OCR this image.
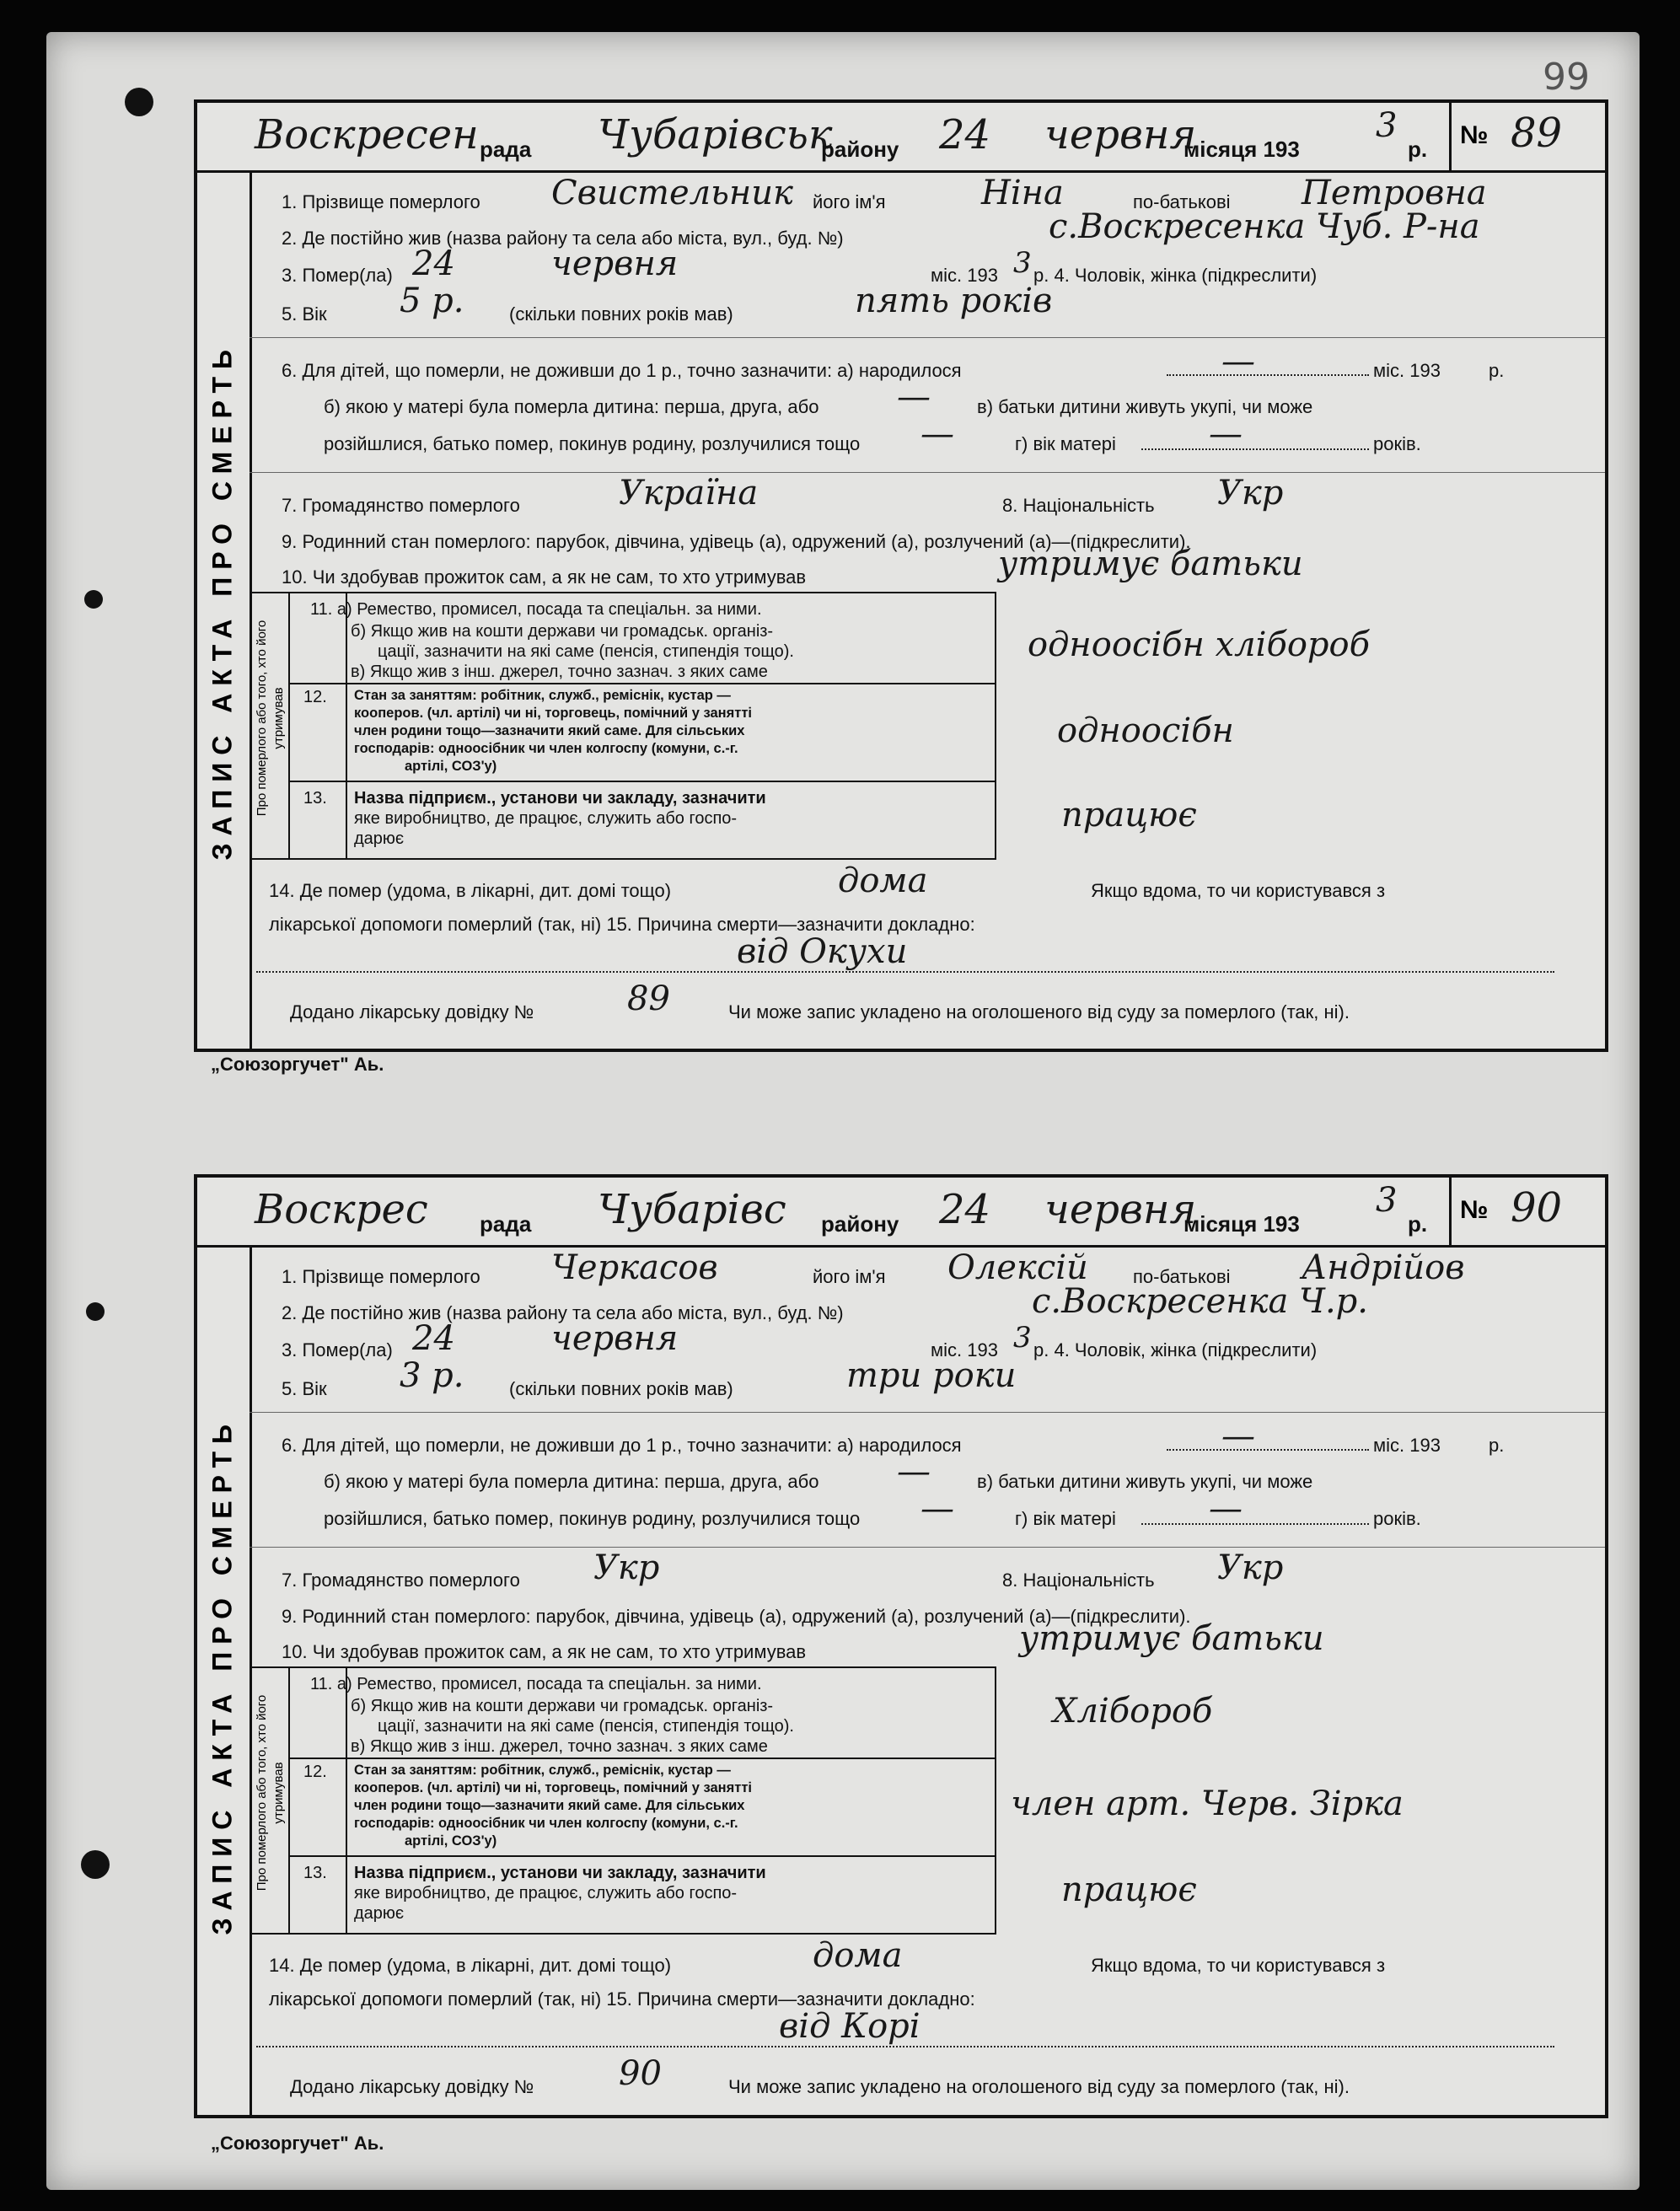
99
Воскресен рада Чубарівськ
району 24 червня
місяця 193
3
р. № 89
ЗАПИС АКТА ПРО СМЕРТЬ
1. Прізвище померлого Свистельник його ім'я	Ніна	по-батькові Петровна
2. Де постійно жив (назва району та села або міста, вул., буд. №)	с.Воскресенка Чуб. Р-на
3. Помер(ла) 24	червня	міс. 193 3 р. 4. Чоловік, жінка (підкреслити)
5. Вік 5 р. (скільки повних років мав)	пять років
6. Для дітей, що померли, не доживши до 1 р., точно зазначити: а) народилося	—	міс. 193	р.
б) якою у матері була померла дитина: перша, друга, або —	в) батьки дитини живуть укупі, чи може
розійшлися, батько помер, покинув родину, розлучилися тощо —	г) вік матері	—	років.
7. Громадянство померлого	Україна	8. Національність Укр
9. Родинний стан померлого: парубок, дівчина, удівець (а), одружений (а), розлучений (а)—(підкреслити).
10. Чи здобував прожиток сам, а як не сам, то хто утримував	утримує батьки
Про померлого або того, хто його утримував
11. а) Ремество, промисел, посада та спеціальн. за ними.
б) Якщо жив на кошти держави чи громадськ. організ-
цації, зазначити на які саме (пенсія, стипендія тощо).
в) Якщо жив з інш. джерел, точно зазнач. з яких саме
12. Стан за заняттям: робітник, служб., реміснік, кустар —
кооперов. (чл. артілі) чи ні, торговець, помічний у занятті
член родини тощо—зазначити який саме. Для сільських
господарів: одноосібник чи член колгоспу (комуни, с.-г.
артілі, СОЗ'у)
13. Назва підприєм., установи чи закладу, зазначити
яке виробництво, де працює, служить або госпо-
дарює
одноосібн хлібороб
одноосібн
працює
14. Де помер (удома, в лікарні, дит. домі тощо)	дома	Якщо вдома, то чи користувався з
лікарської допомоги померлий (так, ні) 15. Причина смерти—зазначити докладно:
від Окухи
Додано лікарську довідку №	89	Чи може запис укладено на оголошеного від суду за померлого (так, ні).
„Союзоргучет" Аь.
Воскрес рада Чубарівс району 24 червня
місяця 193
3
р. № 90
ЗАПИС АКТА ПРО СМЕРТЬ
1. Прізвище померлого Черкасов	його ім'я Олексій по-батькові Андрійов
2. Де постійно жив (назва району та села або міста, вул., буд. №)	с.Воскресенка Ч.р.
3. Помер(ла) 24	червня	міс. 193 3 р. 4. Чоловік, жінка (підкреслити)
5. Вік 3 р. (скільки повних років мав)	три роки
6. Для дітей, що померли, не доживши до 1 р., точно зазначити: а) народилося	—	міс. 193	р.
б) якою у матері була померла дитина: перша, друга, або —	в) батьки дитини живуть укупі, чи може
розійшлися, батько помер, покинув родину, розлучилися тощо —	г) вік матері	—	років.
7. Громадянство померлого Укр	8. Національність Укр
9. Родинний стан померлого: парубок, дівчина, удівець (а), одружений (а), розлучений (а)—(підкреслити).
10. Чи здобував прожиток сам, а як не сам, то хто утримував	утримує батьки
Про померлого або того, хто його утримував
11. а) Ремество, промисел, посада та спеціальн. за ними.
б) Якщо жив на кошти держави чи громадськ. організ-
цації, зазначити на які саме (пенсія, стипендія тощо).
в) Якщо жив з інш. джерел, точно зазнач. з яких саме
12. Стан за заняттям: робітник, служб., реміснік, кустар —
кооперов. (чл. артілі) чи ні, торговець, помічний у занятті
член родини тощо—зазначити який саме. Для сільських
господарів: одноосібник чи член колгоспу (комуни, с.-г.
артілі, СОЗ'у)
13. Назва підприєм., установи чи закладу, зазначити
яке виробництво, де працює, служить або госпо-
дарює
Хлібороб
член арт. Черв. Зірка
працює
14. Де помер (удома, в лікарні, дит. домі тощо)	дома	Якщо вдома, то чи користувався з
лікарської допомоги померлий (так, ні) 15. Причина смерти—зазначити докладно:
від Корі
Додано лікарську довідку №	90	Чи може запис укладено на оголошеного від суду за померлого (так, ні).
„Союзоргучет" Аь.
